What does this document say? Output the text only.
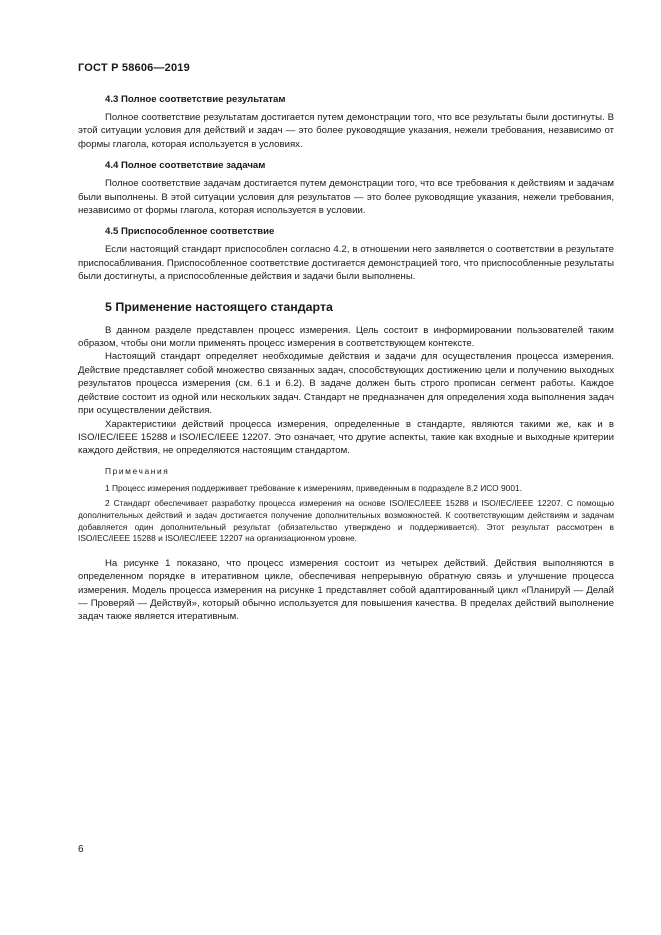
ГОСТ Р 58606—2019
4.3 Полное соответствие результатам

Полное соответствие результатам достигается путем демонстрации того, что все результаты были достигнуты. В этой ситуации условия для действий и задач — это более руководящие указания, нежели требования, независимо от формы глагола, которая используется в условиях.

4.4 Полное соответствие задачам

Полное соответствие задачам достигается путем демонстрации того, что все требования к действиям и задачам были выполнены. В этой ситуации условия для результатов — это более руководящие указания, нежели требования, независимо от формы глагола, которая используется в условии.

4.5 Приспособленное соответствие

Если настоящий стандарт приспособлен согласно 4.2, в отношении него заявляется о соответствии в результате приспосабливания. Приспособленное соответствие достигается демонстрацией того, что приспособленные результаты были достигнуты, а приспособленные действия и задачи были выполнены.

5 Применение настоящего стандарта

В данном разделе представлен процесс измерения. Цель состоит в информировании пользователей таким образом, чтобы они могли применять процесс измерения в соответствующем контексте.

Настоящий стандарт определяет необходимые действия и задачи для осуществления процесса измерения. Действие представляет собой множество связанных задач, способствующих достижению цели и получению выходных результатов процесса измерения (см. 6.1 и 6.2). В задаче должен быть строго прописан сегмент работы. Каждое действие состоит из одной или нескольких задач. Стандарт не предназначен для определения хода выполнения задач при осуществлении действия.

Характеристики действий процесса измерения, определенные в стандарте, являются такими же, как и в ISO/IEC/IEEE 15288 и ISO/IEC/IEEE 12207. Это означает, что другие аспекты, такие как входные и выходные критерии каждого действия, не определяются настоящим стандартом.

Примечания

1 Процесс измерения поддерживает требование к измерениям, приведенным в подразделе 8.2 ИСО 9001.

2 Стандарт обеспечивает разработку процесса измерения на основе ISO/IEC/IEEE 15288 и ISO/IEC/IEEE 12207. С помощью дополнительных действий и задач достигается получение дополнительных возможностей. К соответствующим действиям и задачам добавляется один дополнительный результат (обязательство утверждено и поддерживается). Этот результат рассмотрен в ISO/IEC/IEEE 15288 и ISO/IEC/IEEE 12207 на организационном уровне.

На рисунке 1 показано, что процесс измерения состоит из четырех действий. Действия выполняются в определенном порядке в итеративном цикле, обеспечивая непрерывную обратную связь и улучшение процесса измерения. Модель процесса измерения на рисунке 1 представляет собой адаптированный цикл «Планируй — Делай — Проверяй — Действуй», который обычно используется для повышения качества. В пределах действий выполнение задач также является итеративным.

6
